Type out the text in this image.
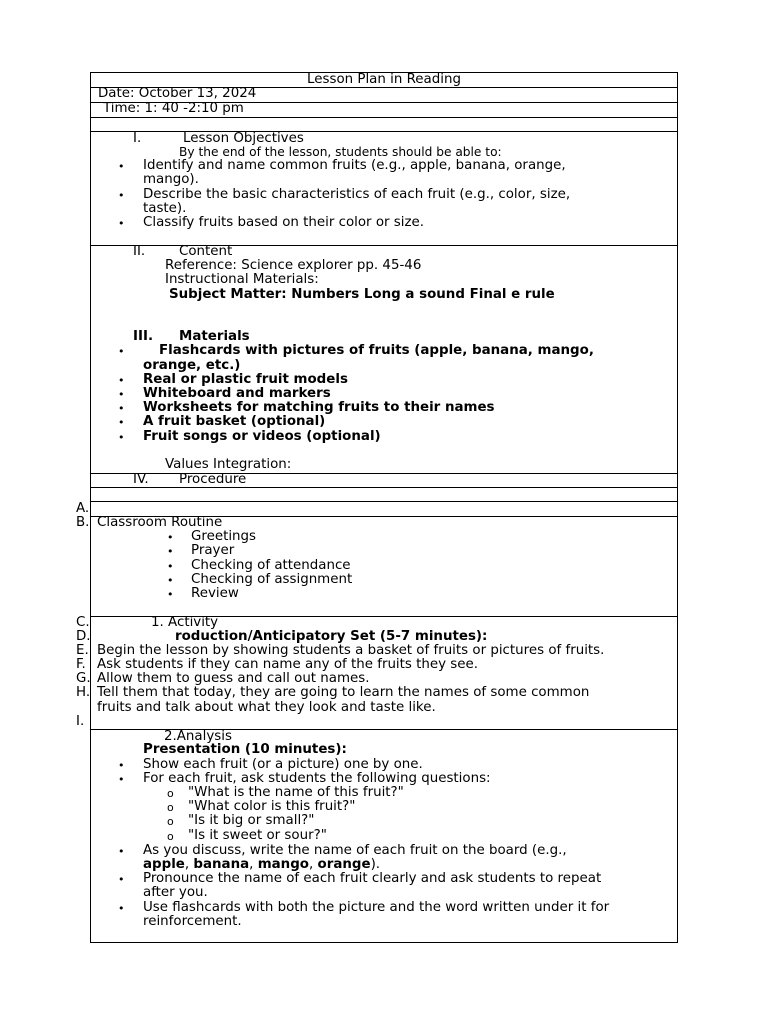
Lesson Plan in Reading
Date: October 13, 2024
Time: 1: 40 -2:10 pm
I.	Lesson Objectives
By the end of the lesson, students should be able to:
• Identify and name common fruits (e.g., apple, banana, orange,
mango).
• Describe the basic characteristics of each fruit (e.g., color, size,
taste).
• Classify fruits based on their color or size.
II.	Content
Reference: Science explorer pp. 45-46
Instructional Materials:
Subject Matter: Numbers Long a sound Final e rule
III. Materials
•	Flashcards with pictures of fruits (apple, banana, mango,
orange, etc.)
• Real or plastic fruit models
• Whiteboard and markers
• Worksheets for matching fruits to their names
• A fruit basket (optional)
• Fruit songs or videos (optional)
Values Integration:
IV. Procedure
A.
B.
C.
D.
E.
F.
G.
H.
I.
Classroom Routine
• Greetings
• Prayer
• Checking of attendance
• Checking of assignment
• Review
1. Activity
roduction/Anticipatory Set (5-7 minutes):
Begin the lesson by showing students a basket of fruits or pictures of fruits.
Ask students if they can name any of the fruits they see.
Allow them to guess and call out names.
Tell them that today, they are going to learn the names of some common
fruits and talk about what they look and taste like.
2.Analysis
Presentation (10 minutes):
• Show each fruit (or a picture) one by one.
• For each fruit, ask students the following questions:
o "What is the name of this fruit?"
o "What color is this fruit?"
o "Is it big or small?"
o "Is it sweet or sour?"
• As you discuss, write the name of each fruit on the board (e.g.,
apple, banana, mango, orange).
• Pronounce the name of each fruit clearly and ask students to repeat
after you.
• Use flashcards with both the picture and the word written under it for
reinforcement.
